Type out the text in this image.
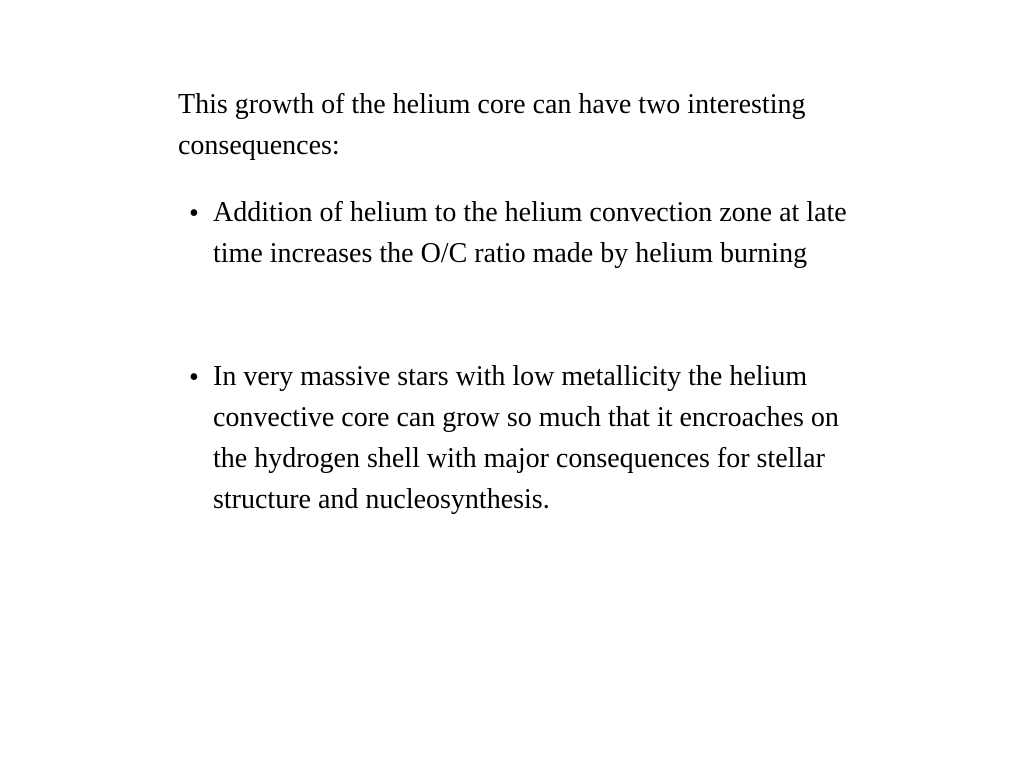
This growth of the helium core can have two interesting consequences:

• Addition of helium to the helium convection zone at late time increases the O/C ratio made by helium burning
• In very massive stars with low metallicity the helium convective core can grow so much that it encroaches on the hydrogen shell with major consequences for stellar structure and nucleosynthesis.
